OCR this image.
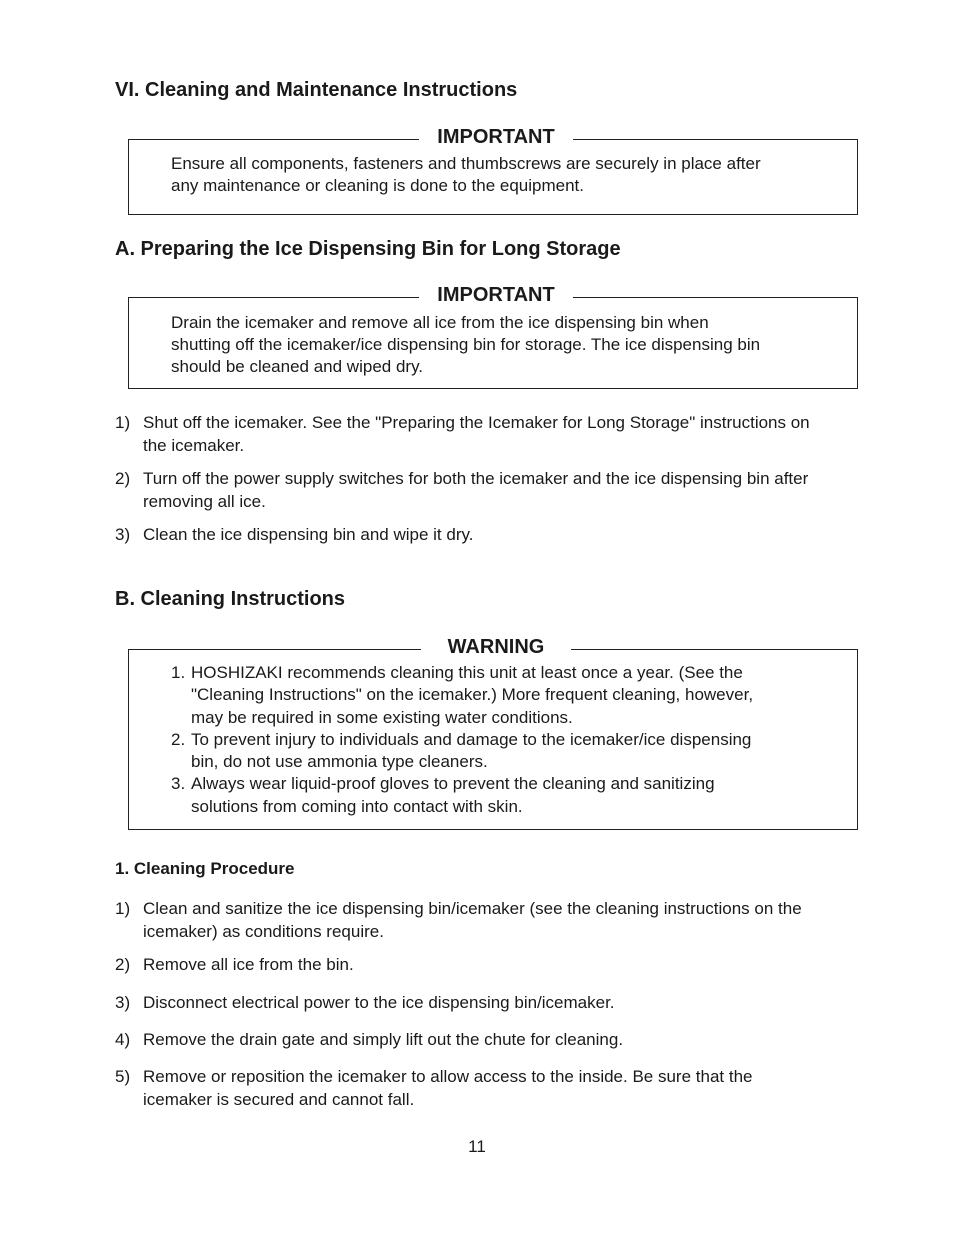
VI. Cleaning and Maintenance Instructions
IMPORTANT

Ensure all components, fasteners and thumbscrews are securely in place after

any maintenance or cleaning is done to the equipment.

A. Preparing the Ice Dispensing Bin for Long Storage
IMPORTANT

Drain the icemaker and remove all ice from the ice dispensing bin when

shutting off the icemaker/ice dispensing bin for storage. The ice dispensing bin

should be cleaned and wiped dry.

1) Shut off the icemaker. See the "Preparing the Icemaker for Long Storage" instructions on
the icemaker.
2) Turn off the power supply switches for both the icemaker and the ice dispensing bin after
removing all ice.
3) Clean the ice dispensing bin and wipe it dry.
B. Cleaning Instructions
WARNING
1. HOSHIZAKI recommends cleaning this unit at least once a year. (See the
"Cleaning Instructions" on the icemaker.) More frequent cleaning, however,
may be required in some existing water conditions.
2. To prevent injury to individuals and damage to the icemaker/ice dispensing
bin, do not use ammonia type cleaners.
3. Always wear liquid-proof gloves to prevent the cleaning and sanitizing
solutions from coming into contact with skin.
1. Cleaning Procedure
1) Clean and sanitize the ice dispensing bin/icemaker (see the cleaning instructions on the
icemaker) as conditions require.
2) Remove all ice from the bin.
3) Disconnect electrical power to the ice dispensing bin/icemaker.
4) Remove the drain gate and simply lift out the chute for cleaning.
5) Remove or reposition the icemaker to allow access to the inside. Be sure that the
icemaker is secured and cannot fall.
11
